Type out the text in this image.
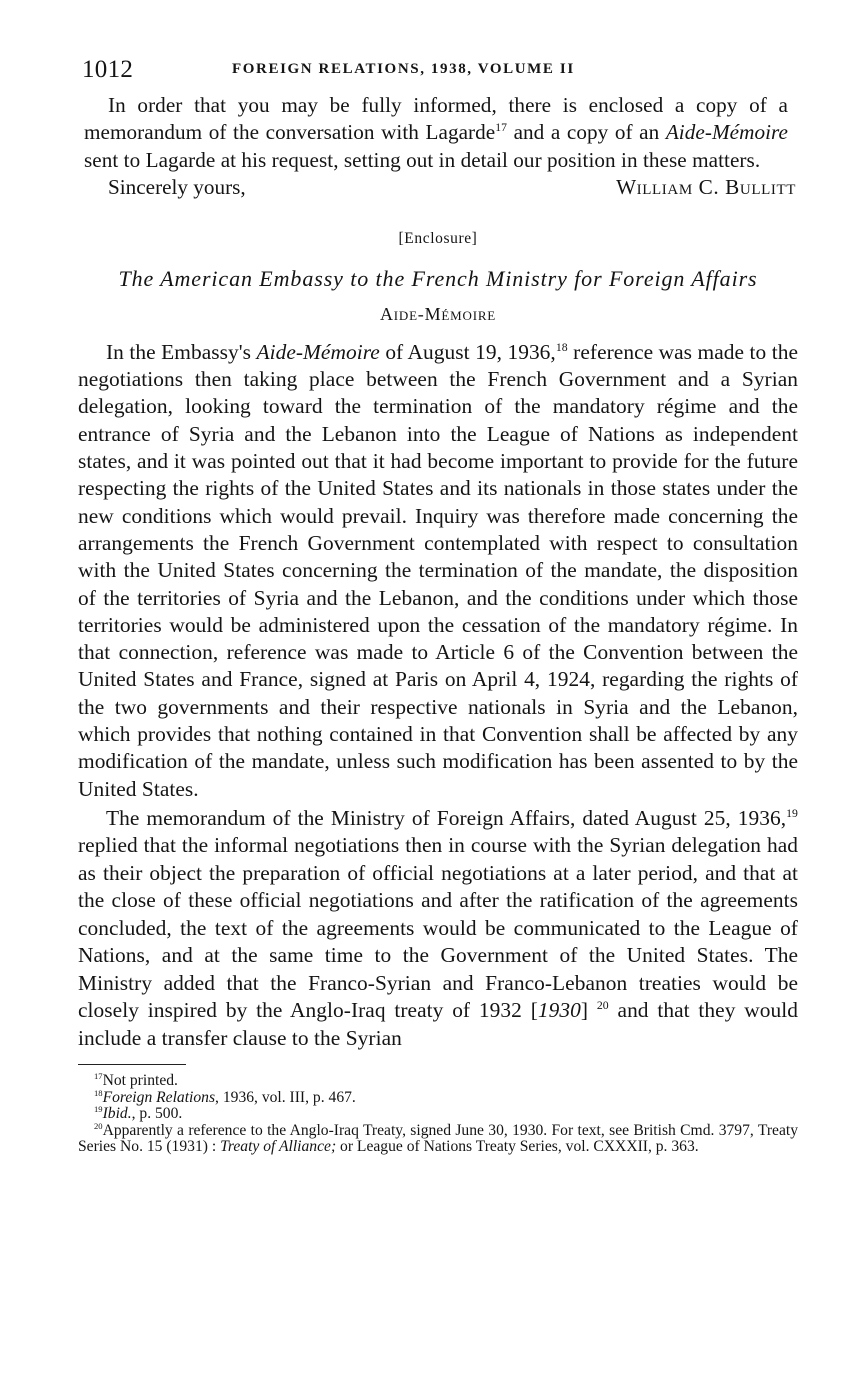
1012	FOREIGN RELATIONS, 1938, VOLUME II

In order that you may be fully informed, there is enclosed a copy of a memorandum of the conversation with Lagarde$^{17}$ and a copy of an Aide-Mémoire sent to Lagarde at his request, setting out in detail our position in these matters.

Sincerely yours,	William C. Bullitt
[Enclosure]
The American Embassy to the French Ministry for Foreign Affairs
Aide-Mémoire

In the Embassy's Aide-Mémoire of August 19, 1936,18 reference was made to the negotiations then taking place between the French Government and a Syrian delegation, looking toward the termination of the mandatory régime and the entrance of Syria and the Lebanon into the League of Nations as independent states, and it was pointed out that it had become important to provide for the future respecting the rights of the United States and its nationals in those states under the new conditions which would prevail. Inquiry was therefore made concerning the arrangements the French Government contemplated with respect to consultation with the United States concerning the termination of the mandate, the disposition of the territories of Syria and the Lebanon, and the conditions under which those territories would be administered upon the cessation of the mandatory régime. In that connection, reference was made to Article 6 of the Convention between the United States and France, signed at Paris on April 4, 1924, regarding the rights of the two governments and their respective nationals in Syria and the Lebanon, which provides that nothing contained in that Convention shall be affected by any modification of the mandate, unless such modification has been assented to by the United States.

The memorandum of the Ministry of Foreign Affairs, dated August 25, 1936,19 replied that the informal negotiations then in course with the Syrian delegation had as their object the preparation of official negotiations at a later period, and that at the close of these official negotiations and after the ratification of the agreements concluded, the text of the agreements would be communicated to the League of Nations, and at the same time to the Government of the United States. The Ministry added that the Franco-Syrian and Franco-Lebanon treaties would be closely inspired by the Anglo-Iraq treaty of 1932 [1930] $^{20}$ and that they would include a transfer clause to the Syrian

$^{17}$Not printed.

$^{18}$Foreign Relations, 1936, vol. III, p. 467.

$^{19}$Ibid., p. 500.

$^{20}$Apparently a reference to the Anglo-Iraq Treaty, signed June 30, 1930. For text, see British Cmd. 3797, Treaty Series No. 15 (1931) : Treaty of Alliance; or League of Nations Treaty Series, vol. CXXXII, p. 363.
